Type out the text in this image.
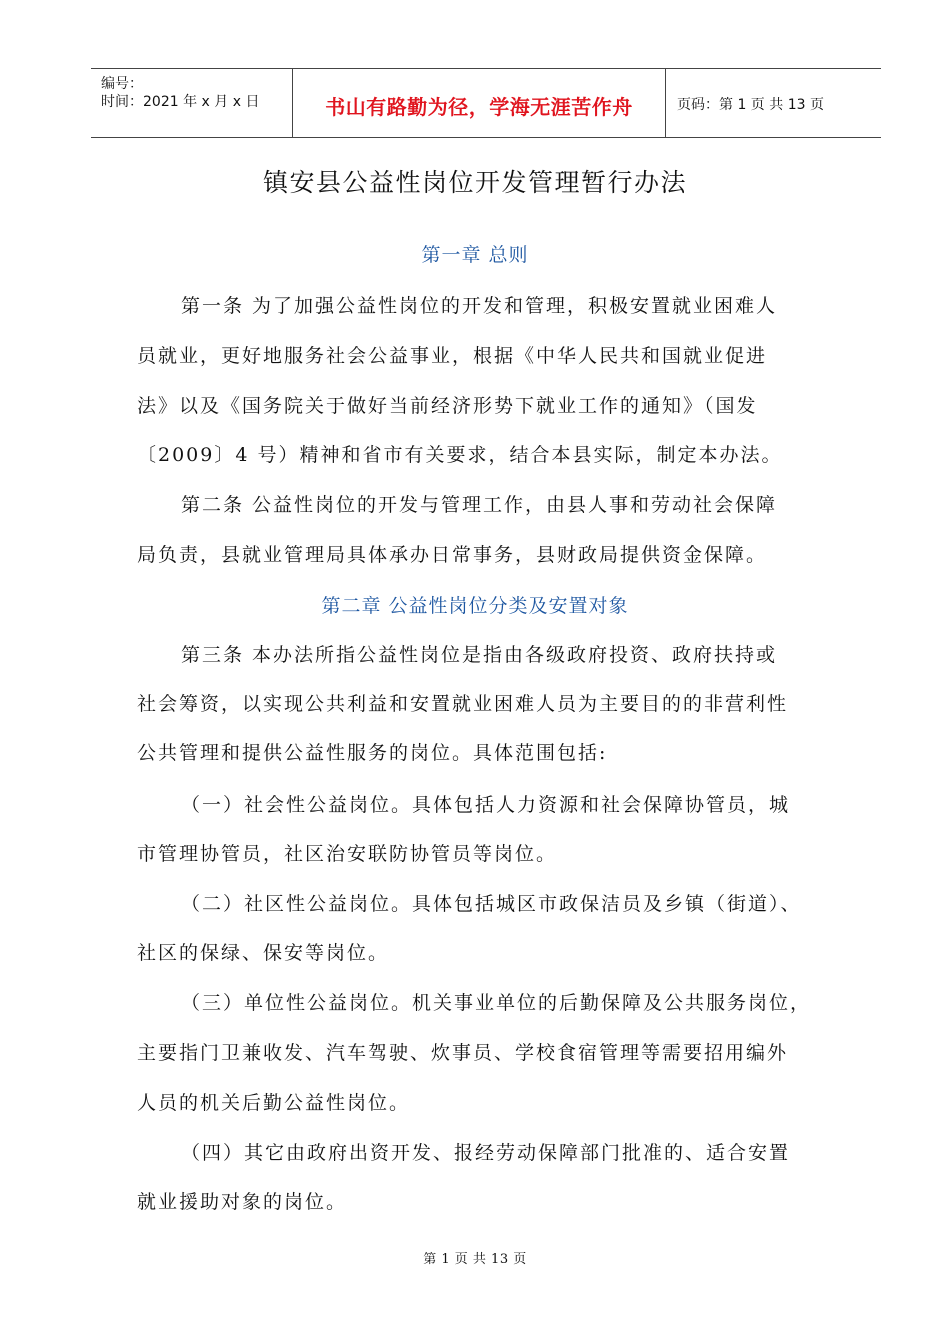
编号：
时间：2021 年 x 月 x 日	书山有路勤为径，学海无涯苦作舟	页码：第 1 页 共 13 页
镇安县公益性岗位开发管理暂行办法
第一章 总则
第一条 为了加强公益性岗位的开发和管理，积极安置就业困难人
员就业，更好地服务社会公益事业，根据《中华人民共和国就业促进
法》以及《国务院关于做好当前经济形势下就业工作的通知》（国发
〔2009〕4 号）精神和省市有关要求，结合本县实际，制定本办法。
第二条 公益性岗位的开发与管理工作，由县人事和劳动社会保障
局负责，县就业管理局具体承办日常事务，县财政局提供资金保障。
第二章 公益性岗位分类及安置对象
第三条 本办法所指公益性岗位是指由各级政府投资、政府扶持或
社会筹资，以实现公共利益和安置就业困难人员为主要目的的非营利性
公共管理和提供公益性服务的岗位。具体范围包括:
（一）社会性公益岗位。具体包括人力资源和社会保障协管员，城
市管理协管员，社区治安联防协管员等岗位。
（二）社区性公益岗位。具体包括城区市政保洁员及乡镇（街道）、
社区的保绿、保安等岗位。
（三）单位性公益岗位。机关事业单位的后勤保障及公共服务岗位，
主要指门卫兼收发、汽车驾驶、炊事员、学校食宿管理等需要招用编外
人员的机关后勤公益性岗位。
（四）其它由政府出资开发、报经劳动保障部门批准的、适合安置
就业援助对象的岗位。
第 1 页 共 13 页
